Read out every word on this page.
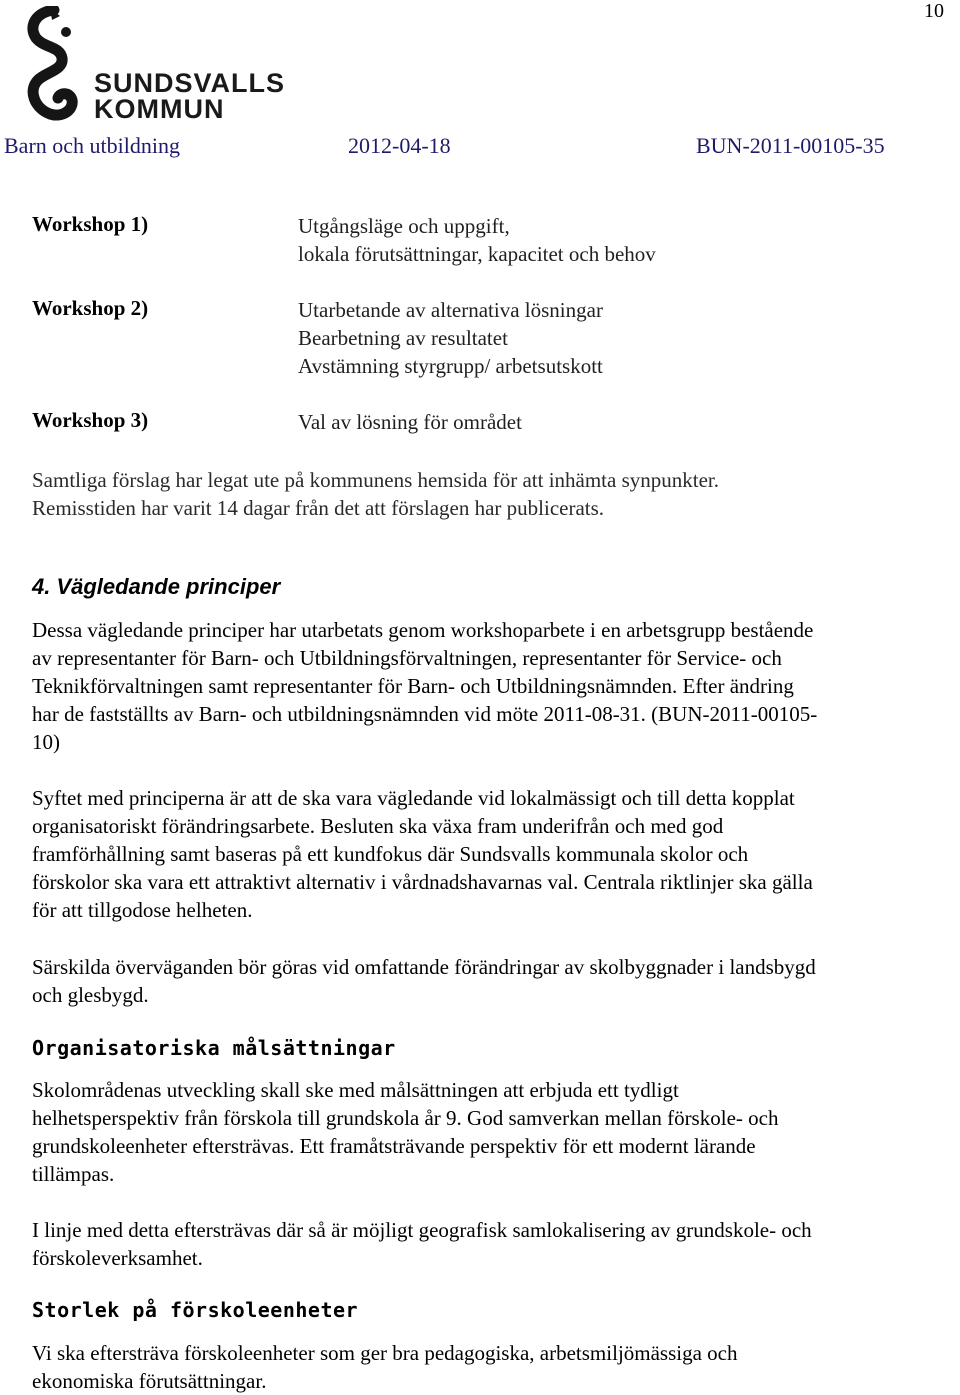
10
SUNDSVALLS
KOMMUN
Barn och utbildning	2012-04-18	BUN-2011-00105-35
Workshop 1)	Utgångsläge och uppgift,
lokala förutsättningar, kapacitet och behov
Workshop 2)	Utarbetande av alternativa lösningar
Bearbetning av resultatet
Avstämning styrgrupp/ arbetsutskott
Workshop 3)	Val av lösning för området
Samtliga förslag har legat ute på kommunens hemsida för att inhämta synpunkter.
Remisstiden har varit 14 dagar från det att förslagen har publicerats.
4. Vägledande principer
Dessa vägledande principer har utarbetats genom workshoparbete i en arbetsgrupp bestående
av representanter för Barn- och Utbildningsförvaltningen, representanter för Service- och
Teknikförvaltningen samt representanter för Barn- och Utbildningsnämnden. Efter ändring
har de fastställts av Barn- och utbildningsnämnden vid möte 2011-08-31. (BUN-2011-00105-
10)
Syftet med principerna är att de ska vara vägledande vid lokalmässigt och till detta kopplat
organisatoriskt förändringsarbete. Besluten ska växa fram underifrån och med god
framförhållning samt baseras på ett kundfokus där Sundsvalls kommunala skolor och
förskolor ska vara ett attraktivt alternativ i vårdnadshavarnas val. Centrala riktlinjer ska gälla
för att tillgodose helheten.
Särskilda överväganden bör göras vid omfattande förändringar av skolbyggnader i landsbygd
och glesbygd.
Organisatoriska målsättningar
Skolområdenas utveckling skall ske med målsättningen att erbjuda ett tydligt
helhetsperspektiv från förskola till grundskola år 9. God samverkan mellan förskole- och
grundskoleenheter eftersträvas. Ett framåtsträvande perspektiv för ett modernt lärande
tillämpas.
I linje med detta eftersträvas där så är möjligt geografisk samlokalisering av grundskole- och
förskoleverksamhet.
Storlek på förskoleenheter
Vi ska eftersträva förskoleenheter som ger bra pedagogiska, arbetsmiljömässiga och
ekonomiska förutsättningar.
